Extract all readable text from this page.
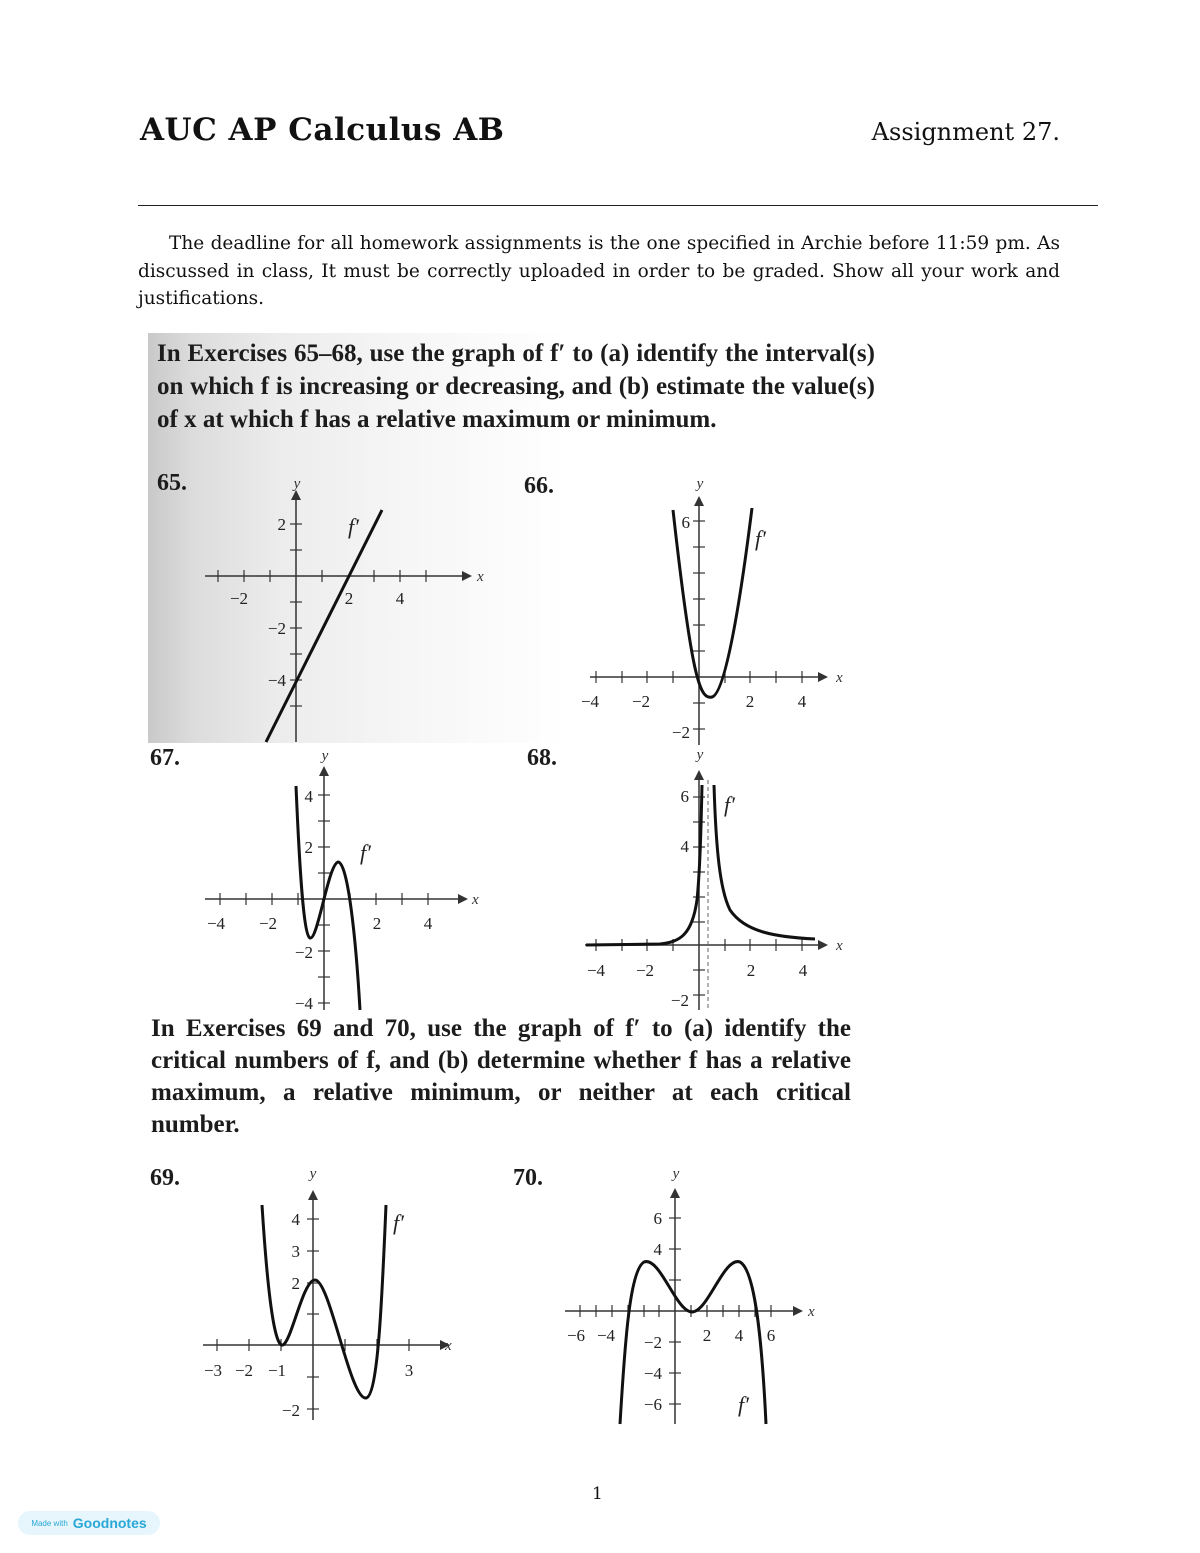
AUC AP Calculus AB	Assignment 27.
The deadline for all homework assignments is the one specified in Archie before 11:59 pm. As discussed in class, It must be correctly uploaded in order to be graded. Show all your work and justifications.
In Exercises 65–68, use the graph of f′ to (a) identify the interval(s) on which f is increasing or decreasing, and (b) estimate the value(s) of x at which f has a relative maximum or minimum.
In Exercises 69 and 70, use the graph of f′ to (a) identify the critical numbers of f, and (b) determine whether f has a relative maximum, a relative minimum, or neither at each critical number.
65.	66.
67.	68.
69.	70.
y
x
f′
−2	2	4
2
−2
−4
y
x
f′
−4 −2	2	4
6
−2
y
x
f′
−4 −2	2	4
4
2
−2
−4
y
x
f′
−4 −2	2	4
6
4
−2
y
x
f′
−3 −2 −1	3
4
3
2
−2
y
x
f′
−6 −4	2 4 6
6
4
−2
−4
−6
1
Made with Goodnotes
